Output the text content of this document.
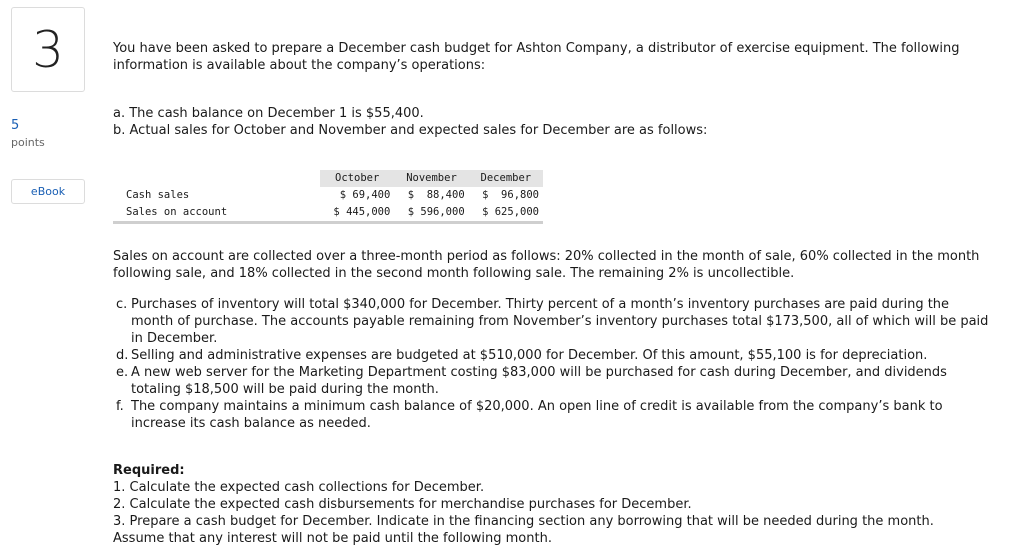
3
5
points
eBook

You have been asked to prepare a December cash budget for Ashton Company, a distributor of exercise equipment. The following information is available about the company’s operations:

a. The cash balance on December 1 is $55,400.
b. Actual sales for October and November and expected sales for December are as follows:
	October	November	December
Cash sales	$ 69,400	$  88,400	$  96,800
Sales on account	$ 445,000	$ 596,000	$ 625,000

Sales on account are collected over a three-month period as follows: 20% collected in the month of sale, 60% collected in the month following sale, and 18% collected in the second month following sale. The remaining 2% is uncollectible.

c. Purchases of inventory will total $340,000 for December. Thirty percent of a month’s inventory purchases are paid during the month of purchase. The accounts payable remaining from November’s inventory purchases total $173,500, all of which will be paid in December.
d. Selling and administrative expenses are budgeted at $510,000 for December. Of this amount, $55,100 is for depreciation.
e. A new web server for the Marketing Department costing $83,000 will be purchased for cash during December, and dividends totaling $18,500 will be paid during the month.
f. The company maintains a minimum cash balance of $20,000. An open line of credit is available from the company’s bank to increase its cash balance as needed.
Required:
1. Calculate the expected cash collections for December.
2. Calculate the expected cash disbursements for merchandise purchases for December.
3. Prepare a cash budget for December. Indicate in the financing section any borrowing that will be needed during the month. Assume that any interest will not be paid until the following month.
